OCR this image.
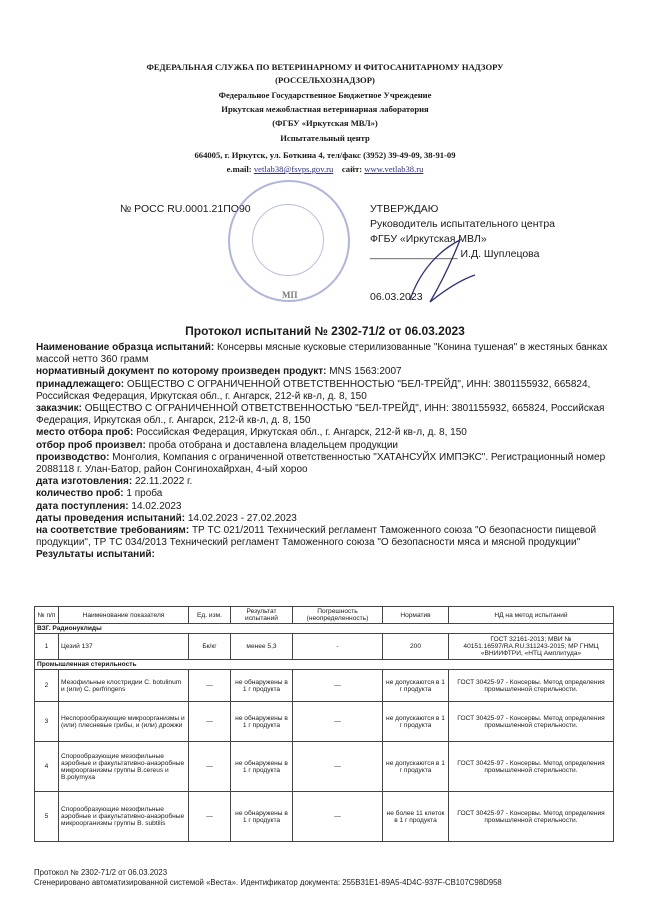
ФЕДЕРАЛЬНАЯ СЛУЖБА ПО ВЕТЕРИНАРНОМУ И ФИТОСАНИТАРНОМУ НАДЗОРУ
(РОССЕЛЬХОЗНАДЗОР)
Федеральное Государственное Бюджетное Учреждение
Иркутская межобластная ветеринарная лаборатория
(ФГБУ «Иркутская МВЛ»)
Испытательный центр
664005, г. Иркутск, ул. Боткина 4, тел/факс (3952) 39-49-09, 38-91-09
e.mail: vetlab38@fsvps.gov.ru сайт: www.vetlab38.ru
№ РОСС RU.0001.21ПО90
МП
УТВЕРЖДАЮ
Руководитель испытательного центра
ФГБУ «Иркутская МВЛ»
_______________ И.Д. Шуплецова
06.03.2023
Протокол испытаний № 2302-71/2 от 06.03.2023

Наименование образца испытаний: Консервы мясные кусковые стерилизованные "Конина тушеная" в жестяных банках массой нетто 360 грамм

нормативный документ по которому произведен продукт: MNS 1563:2007

принадлежащего: ОБЩЕСТВО С ОГРАНИЧЕННОЙ ОТВЕТСТВЕННОСТЬЮ "БЕЛ-ТРЕЙД", ИНН: 3801155932, 665824, Российская Федерация, Иркутская обл., г. Ангарск, 212-й кв-л, д. 8, 150

заказчик: ОБЩЕСТВО С ОГРАНИЧЕННОЙ ОТВЕТСТВЕННОСТЬЮ "БЕЛ-ТРЕЙД", ИНН: 3801155932, 665824, Российская Федерация, Иркутская обл., г. Ангарск, 212-й кв-л, д. 8, 150

место отбора проб: Российская Федерация, Иркутская обл., г. Ангарск, 212-й кв-л, д. 8, 150

отбор проб произвел: проба отобрана и доставлена владельцем продукции

производство: Монголия, Компания с ограниченной ответственностью "ХАТАНСУЙХ ИМПЭКС". Регистрационный номер 2088118 г. Улан-Батор, район Сонгинохайрхан, 4-ый хороо

дата изготовления: 22.11.2022 г.

количество проб: 1 проба

дата поступления: 14.02.2023

даты проведения испытаний: 14.02.2023 - 27.02.2023

на соответствие требованиям: ТР ТС 021/2011 Технический регламент Таможенного союза "О безопасности пищевой продукции", ТР ТС 034/2013 Технический регламент Таможенного союза "О безопасности мяса и мясной продукции"

Результаты испытаний:

№ п/п	Наименование показателя	Ед. изм.	Результат испытаний	Погрешность (неопределенность)	Норматив	НД на метод испытаний
ВЗГ. Радионуклиды						
1	Цезий 137	Бк/кг	менее 5,3	-	200	ГОСТ 32161-2013; МВИ № 40151.16597/RA.RU.311243-2015; МР ГНМЦ «ВНИИФТРИ, «НТЦ Амплитуда»
Промышленная стерильность						
2	Мезофильные клостридии C. botulinum и (или) C. perfringens	—	не обнаружены в 1 г продукта	—	не допускаются в 1 г продукта	ГОСТ 30425-97 - Консервы. Метод определения промышленной стерильности.
3	Неспорообразующие микроорганизмы и (или) плесневые грибы, и (или) дрожжи	—	не обнаружены в 1 г продукта	—	не допускаются в 1 г продукта	ГОСТ 30425-97 - Консервы. Метод определения промышленной стерильности.
4	Спорообразующие мезофильные аэробные и факультативно-анаэробные микроорганизмы группы B.cereus и B.polymyxa	—	не обнаружены в 1 г продукта	—	не допускаются в 1 г продукта	ГОСТ 30425-97 - Консервы. Метод определения промышленной стерильности.
5	Спорообразующие мезофильные аэробные и факультативно-анаэробные микроорганизмы группы B. subtilis	—	не обнаружены в 1 г продукта	—	не более 11 клеток в 1 г продукта	ГОСТ 30425-97 - Консервы. Метод определения промышленной стерильности.
Протокол № 2302-71/2 от 06.03.2023
Сгенерировано автоматизированной системой «Веста». Идентификатор документа: 255B31E1-89A5-4D4C-937F-CB107C98D958
